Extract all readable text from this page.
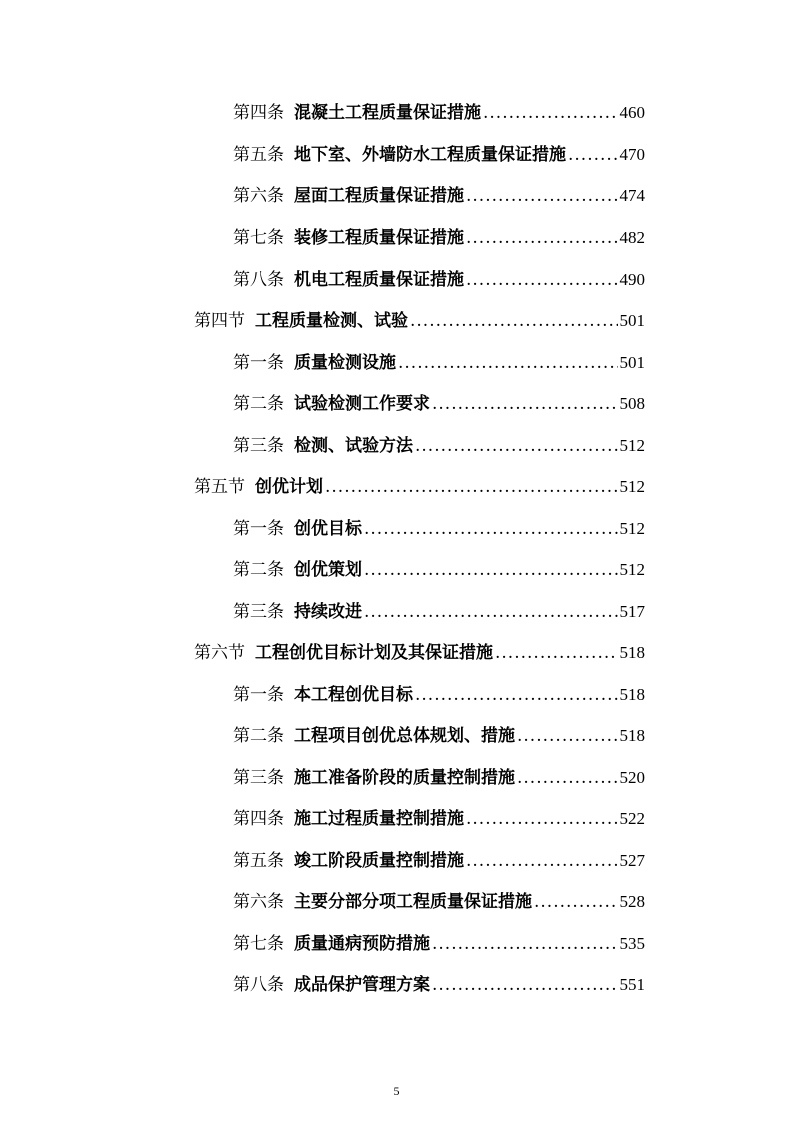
第四条 混凝土工程质量保证措施 .....	460
第五条 地下室、外墙防水工程质量保证措施 .....	470
第六条 屋面工程质量保证措施 .....	474
第七条 装修工程质量保证措施 .....	482
第八条 机电工程质量保证措施 .....	490
第四节 工程质量检测、试验 .....	501
第一条 质量检测设施 .....	501
第二条 试验检测工作要求 .....	508
第三条 检测、试验方法 .....	512
第五节 创优计划 .....	512
第一条 创优目标 .....	512
第二条 创优策划 .....	512
第三条 持续改进 .....	517
第六节 工程创优目标计划及其保证措施 .....	518
第一条 本工程创优目标 .....	518
第二条 工程项目创优总体规划、措施 .....	518
第三条 施工准备阶段的质量控制措施 .....	520
第四条 施工过程质量控制措施 .....	522
第五条 竣工阶段质量控制措施 .....	527
第六条 主要分部分项工程质量保证措施 .....	528
第七条 质量通病预防措施 .....	535
第八条 成品保护管理方案 .....	551
5
